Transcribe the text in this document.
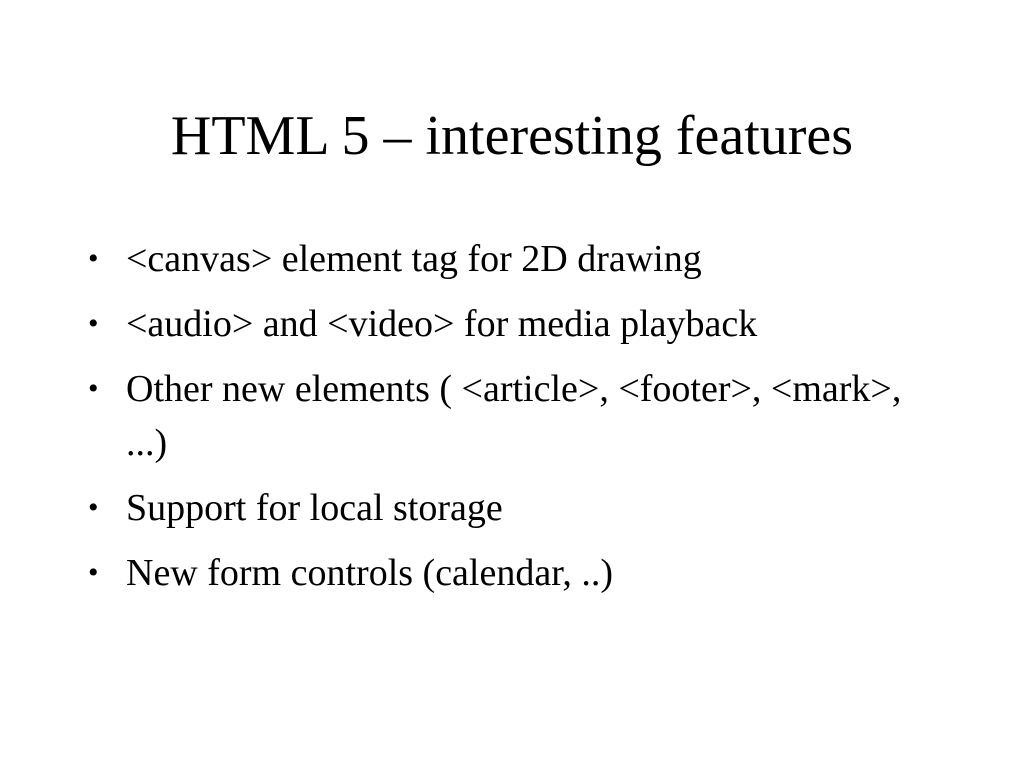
HTML 5 – interesting features
• <canvas> element tag for 2D drawing
• <audio> and <video> for media playback
• Other new elements ( <article>, <footer>, <mark>, ...)
• Support for local storage
• New form controls (calendar, ..)
